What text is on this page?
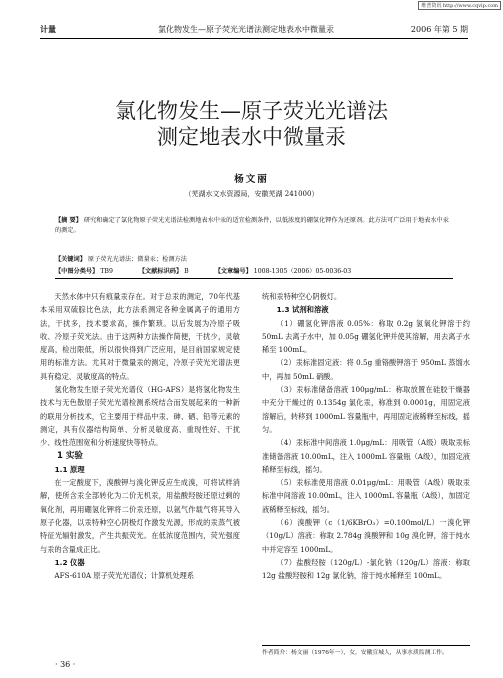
维普资讯 http://www.cqvip.com
计量	氯化物发生—原子荧光光谱法测定地表水中微量汞	2006 年第 5 期
氯化物发生—原子荧光光谱法
测定地表水中微量汞
杨文丽
（芜湖水文水资源局，安徽芜湖 241000）
【摘 要】 研究和确定了氯化物原子荧光光谱法检测地表水中汞的适宜检测条件，以低浓度的硼氢化钾作为还原剂。此方法可广泛用于地表水中汞的测定。
【关键词】 原子荧光光谱法；微量汞；检测方法
【中图分类号】 TB9	【文献标识码】 B	【文章编号】 1008-1305（2006）05-0036-03

天然水体中只有痕量汞存在。对于总汞的测定，70年代基本采用双硫腙比色法，此方法系测定各种金属离子的通用方法，干扰多，技术要求高，操作繁琐。以后发展为冷原子吸收、冷原子荧光法。由于这两种方法操作简便，干扰少，灵敏度高，检出限低，所以很快得到广泛应用，是目前国家规定使用的标准方法。尤其对于微量汞的测定，冷原子荧光光谱法更具有稳定、灵敏度高的特点。

氢化物发生原子荧光光谱仪（HG-AFS）是将氢化物发生技术与无色散原子荧光光谱检测系统结合而发展起来的一种新的联用分析技术，它主要用于样品中汞、砷、硒、铅等元素的测定，具有仪器结构简单、分析灵敏度高、重现性好、干扰少、线性范围宽和分析速度快等特点。

1 实验

1.1 原理

在一定酸度下，溴酸钾与溴化钾反应生成溴，可将试样消解，使所含汞全部转化为二价无机汞，用盐酸羟胺还原过剩的氧化剂，再用硼氢化钾将二价汞还原，以氩气作载气将其导入原子化器，以汞特种空心阴极灯作激发光源，形成的汞蒸气被特征光辐射激发，产生共振荧光。在低浓度范围内，荧光强度与汞的含量成正比。

1.2 仪器

AFS-610A 原子荧光光谱仪；计算机处理系

统和汞特种空心阴极灯。

1.3 试剂和溶液

（1）硼氢化钾溶液 0.05%：称取 0.2g 氢氧化钾溶于约 50mL 去离子水中，加 0.05g 硼氢化钾并使其溶解，用去离子水稀至 100mL。

（2）汞标准固定液：将 0.5g 重铬酸钾溶于 950mL 蒸馏水中，再加 50mL 硝酸。

（3）汞标准储备溶液 100μg/mL：称取放置在硅胶干燥器中充分干燥过的 0.1354g 氯化汞，称准到 0.0001g，用固定液溶解后，转移到 1000mL 容量瓶中，再用固定液稀释至标线，摇匀。

（4）汞标准中间溶液 1.0μg/mL：用吸管（A级）吸取汞标准储备溶液 10.00mL，注入 1000mL 容量瓶（A级），加固定液稀释至标线，摇匀。

（5）汞标准使用溶液 0.01μg/mL：用吸管（A级）吸取汞标准中间溶液 10.00mL，注入 1000mL 容量瓶（A级），加固定液稀释至标线，摇匀。

（6）溴酸钾（c（1/6KBrO₃）=0.100mol/L）一溴化钾（10g/L）溶液：称取 2.784g 溴酸钾和 10g 溴化钾，溶于纯水中并定容至 1000mL。

（7）盐酸羟胺（120g/L）-氯化钠（120g/L）溶液：称取 12g 盐酸羟胺和 12g 氯化钠，溶于纯水稀释至 100mL。

作者简介：杨文丽（1976年一），女，安徽宣城人，从事水质监测工作。
· 36 ·
